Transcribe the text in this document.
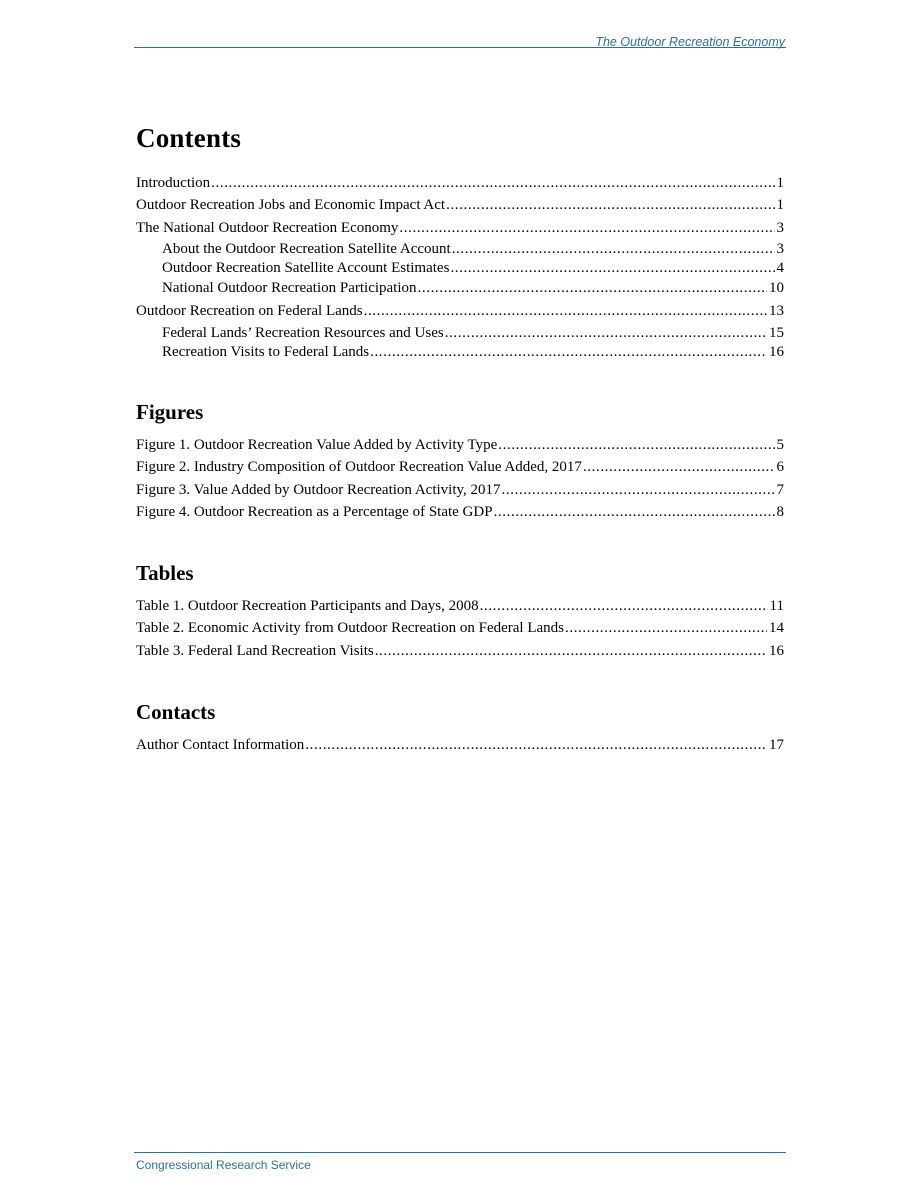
The Outdoor Recreation Economy
Contents
Introduction .....	1
Outdoor Recreation Jobs and Economic Impact Act .....	1
The National Outdoor Recreation Economy .....	3
About the Outdoor Recreation Satellite Account .....	3
Outdoor Recreation Satellite Account Estimates .....	4
National Outdoor Recreation Participation .....	10
Outdoor Recreation on Federal Lands .....	13
Federal Lands’ Recreation Resources and Uses .....	15
Recreation Visits to Federal Lands .....	16
Figures
Figure 1. Outdoor Recreation Value Added by Activity Type .....	5
Figure 2. Industry Composition of Outdoor Recreation Value Added, 2017 .....	6
Figure 3. Value Added by Outdoor Recreation Activity, 2017 .....	7
Figure 4. Outdoor Recreation as a Percentage of State GDP .....	8
Tables
Table 1. Outdoor Recreation Participants and Days, 2008 .....	11
Table 2. Economic Activity from Outdoor Recreation on Federal Lands .....	14
Table 3. Federal Land Recreation Visits .....	16
Contacts
Author Contact Information .....	17
Congressional Research Service
